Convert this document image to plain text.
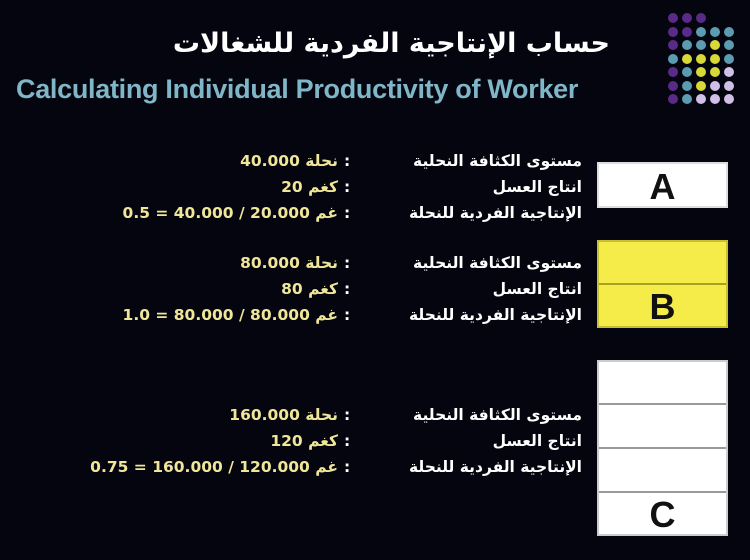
حساب الإنتاجية الفردية للشغالات
Calculating Individual Productivity of Worker
مستوى الكثافة النحلية
:
40.000 نحلة
انتاج العسل
:
20 كغم
الإنتاجية الفردية للنحلة
:
0.5 = 40.000 / 20.000 غم
A
مستوى الكثافة النحلية
:
80.000 نحلة
انتاج العسل
:
80 كغم
الإنتاجية الفردية للنحلة
:
1.0 = 80.000 / 80.000 غم	B
مستوى الكثافة النحلية
:
160.000 نحلة
انتاج العسل
:
120 كغم
الإنتاجية الفردية للنحلة
:
0.75 = 160.000 / 120.000 غم
C
